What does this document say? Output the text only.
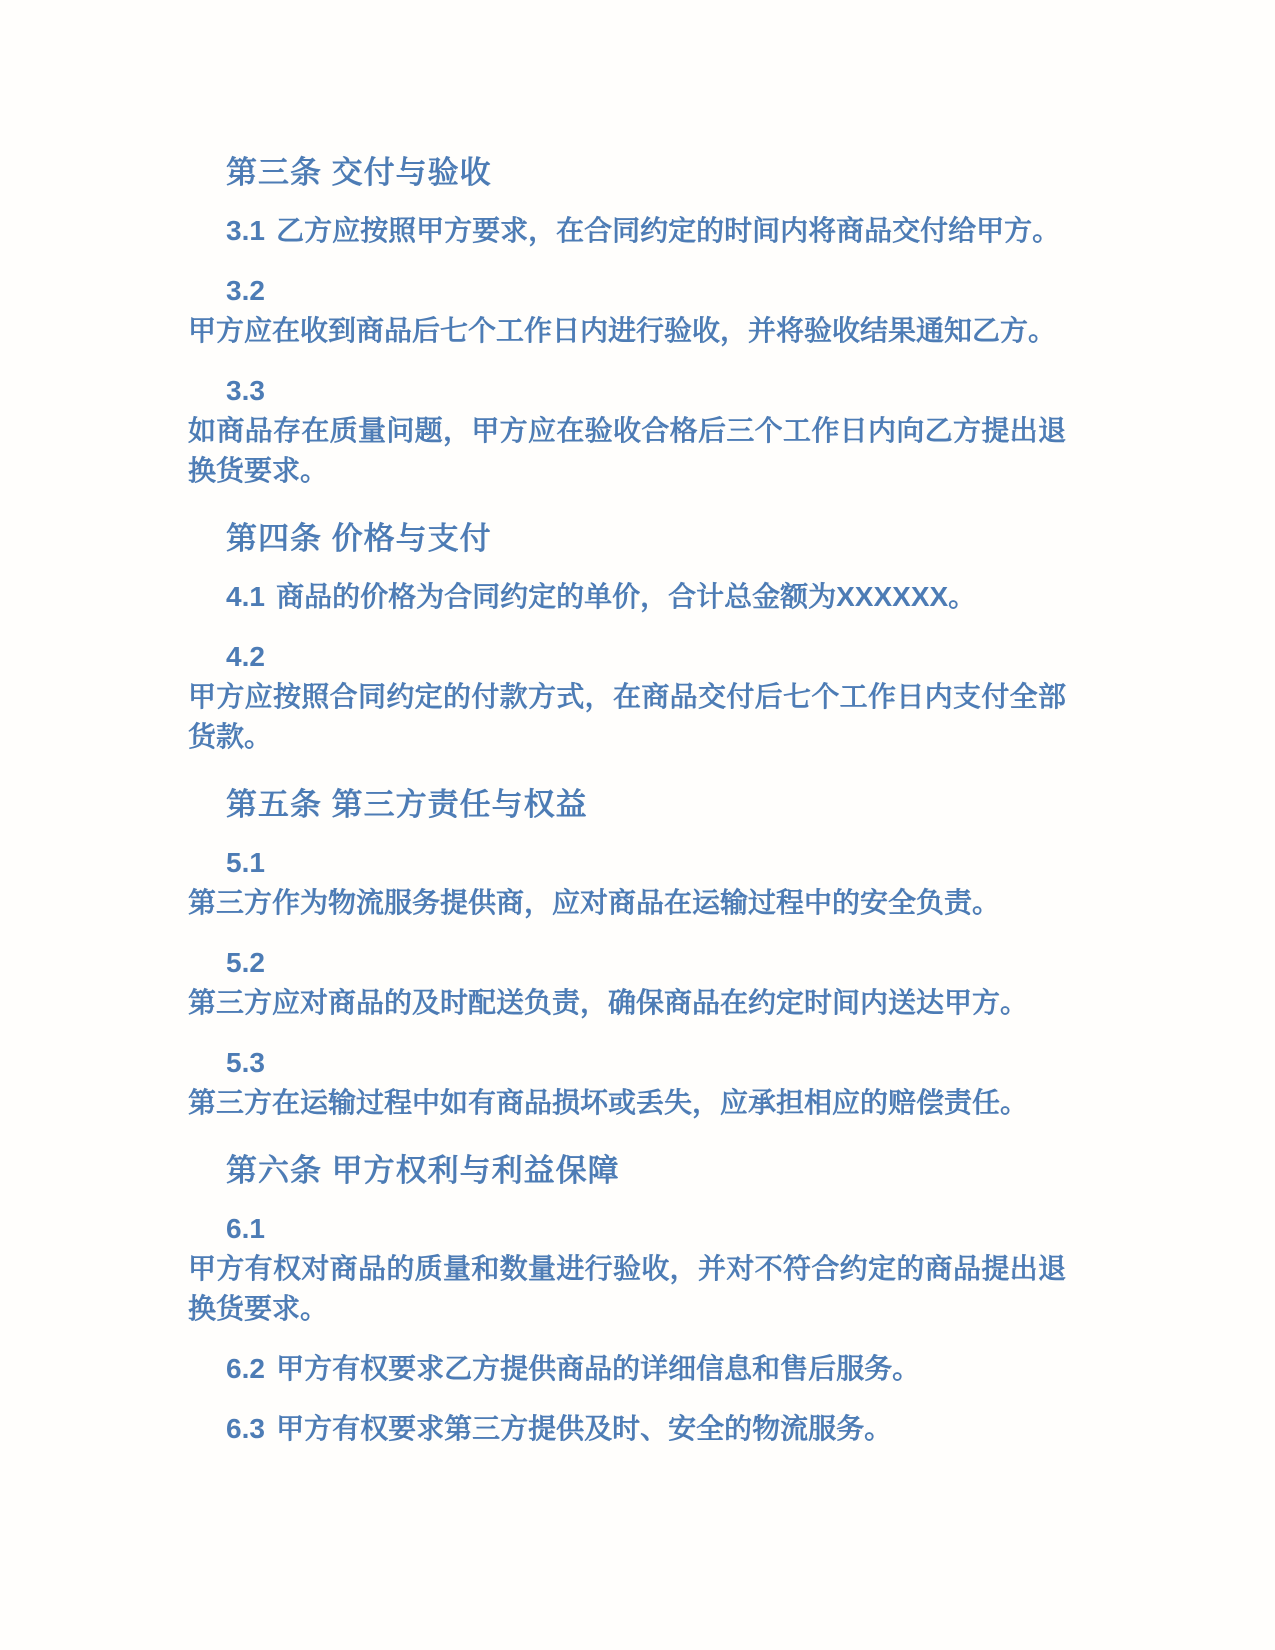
第三条 交付与验收

3.1 乙方应按照甲方要求，在合同约定的时间内将商品交付给甲方。

3.2

甲方应在收到商品后七个工作日内进行验收，并将验收结果通知乙方。

3.3

如商品存在质量问题，甲方应在验收合格后三个工作日内向乙方提出退换货要求。

第四条 价格与支付

4.1 商品的价格为合同约定的单价，合计总金额为XXXXXX。

4.2

甲方应按照合同约定的付款方式，在商品交付后七个工作日内支付全部货款。

第五条 第三方责任与权益

5.1

第三方作为物流服务提供商，应对商品在运输过程中的安全负责。

5.2

第三方应对商品的及时配送负责，确保商品在约定时间内送达甲方。

5.3

第三方在运输过程中如有商品损坏或丢失，应承担相应的赔偿责任。

第六条 甲方权利与利益保障

6.1

甲方有权对商品的质量和数量进行验收，并对不符合约定的商品提出退换货要求。

6.2 甲方有权要求乙方提供商品的详细信息和售后服务。

6.3 甲方有权要求第三方提供及时、安全的物流服务。
